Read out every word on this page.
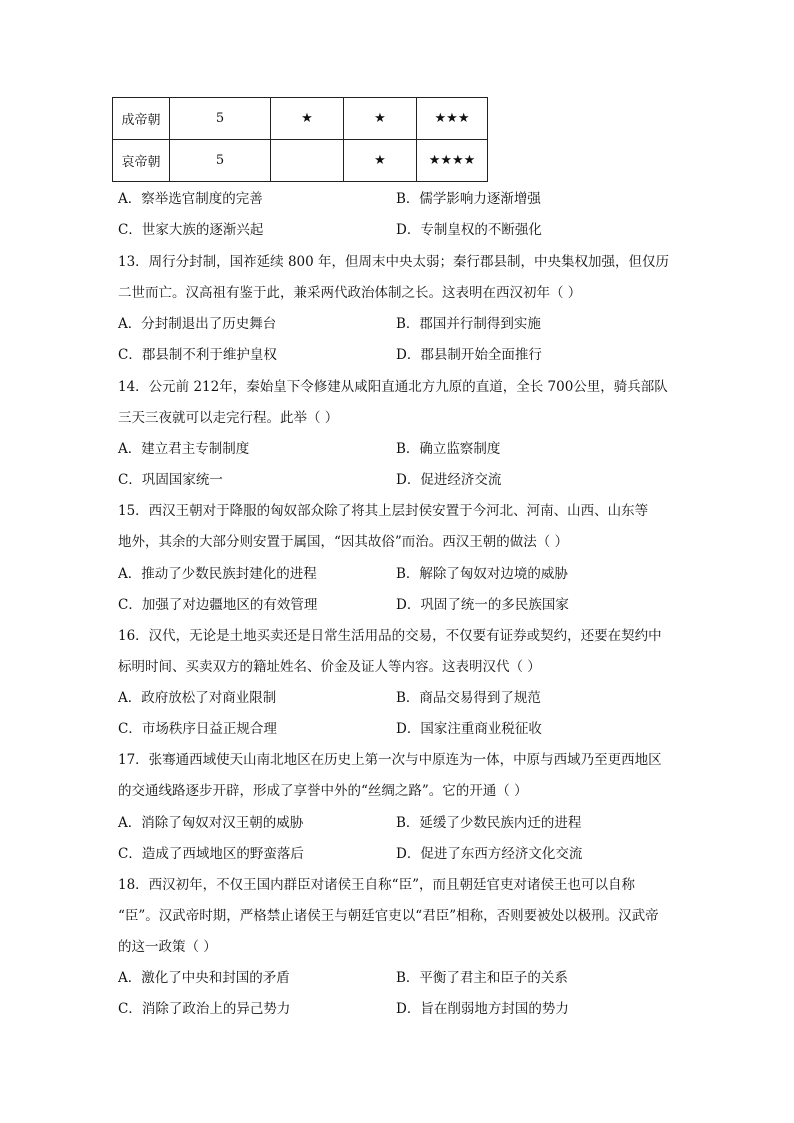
成帝朝	5	★	★	★★★
哀帝朝	5		★	★★★★
A．察举选官制度的完善	B．儒学影响力逐渐增强
C．世家大族的逐渐兴起	D．专制皇权的不断强化
13．周行分封制，国祚延续 800 年，但周末中央太弱；秦行郡县制，中央集权加强，但仅历
二世而亡。汉高祖有鉴于此，兼采两代政治体制之长。这表明在西汉初年（ ）
A．分封制退出了历史舞台	B．郡国并行制得到实施
C．郡县制不利于维护皇权	D．郡县制开始全面推行
14．公元前 212年，秦始皇下令修建从咸阳直通北方九原的直道，全长 700公里，骑兵部队
三天三夜就可以走完行程。此举（ ）
A．建立君主专制制度	B．确立监察制度
C．巩固国家统一	D．促进经济交流
15．西汉王朝对于降服的匈奴部众除了将其上层封侯安置于今河北、河南、山西、山东等
地外，其余的大部分则安置于属国，“因其故俗”而治。西汉王朝的做法（ ）
A．推动了少数民族封建化的进程	B．解除了匈奴对边境的威胁
C．加强了对边疆地区的有效管理	D．巩固了统一的多民族国家
16．汉代，无论是土地买卖还是日常生活用品的交易，不仅要有证券或契约，还要在契约中
标明时间、买卖双方的籍址姓名、价金及证人等内容。这表明汉代（ ）
A．政府放松了对商业限制	B．商品交易得到了规范
C．市场秩序日益正规合理	D．国家注重商业税征收
17．张骞通西域使天山南北地区在历史上第一次与中原连为一体，中原与西域乃至更西地区
的交通线路逐步开辟，形成了享誉中外的“丝绸之路”。它的开通（ ）
A．消除了匈奴对汉王朝的威胁	B．延缓了少数民族内迁的进程
C．造成了西域地区的野蛮落后	D．促进了东西方经济文化交流
18．西汉初年，不仅王国内群臣对诸侯王自称“臣”，而且朝廷官吏对诸侯王也可以自称
“臣”。汉武帝时期，严格禁止诸侯王与朝廷官吏以“君臣”相称，否则要被处以极刑。汉武帝
的这一政策（ ）
A．激化了中央和封国的矛盾	B．平衡了君主和臣子的关系
C．消除了政治上的异己势力	D．旨在削弱地方封国的势力
